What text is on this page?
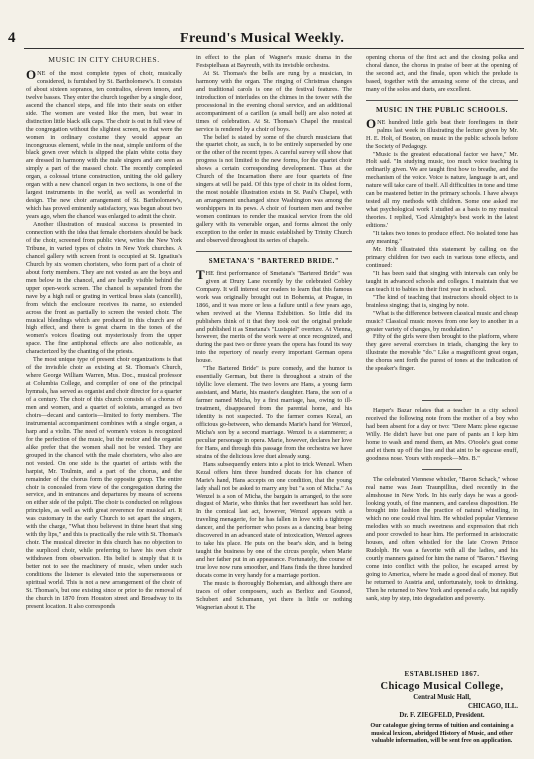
4	Freund's Musical Weekly.
MUSIC IN CITY CHURCHES.

ONE of the most complete types of choir, musically considered, is furnished by St. Bartholomew's. It consists of about sixteen sopranos, ten contraltos, eleven tenors, and twelve basses. They enter the church together by a single door, ascend the chancel steps, and file into their seats on either side. The women are vested like the men, but wear in distinction little black silk caps. The choir is out in full view of the congregation without the slightest screen, so that were the women in ordinary costume they would appear an incongruous element, while in the neat, simple uniform of the black gown over which is slipped the plain white cotta they are dressed in harmony with the male singers and are seen as simply a part of the massed choir. The recently completed organ, a colossal triune construction, uniting the old gallery organ with a new chancel organ in two sections, is one of the largest instruments in the world, as well as wonderful in design. The new choir arrangement of St. Bartholomew's, which has proved eminently satisfactory, was begun about two years ago, when the chancel was enlarged to admit the choir.

Another illustration of musical success is presented in connection with the idea that female choristers should be back of the choir, screened from public view, writes the New York Tribune, in varied types of choirs in New York churches. A chancel gallery with screen front is occupied at St. Ignatius's Church by six women choristers, who form part of a choir of about forty members. They are not vested as are the boys and men below in the chancel, and are hardly visible behind the upper open-work screen. The chancel is separated from the nave by a high rail or grating in vertical brass slats (cancelli), from which the enclosure receives its name, so extended across the front as partially to screen the vested choir. The musical blendings which are produced in this church are of high effect, and there is great charm in the tones of the women's voices floating out mysteriously from the upper space. The fine antiphonal effects are also noticeable, as characterized by the chanting of the priests.

The most unique type of present choir organizations is that of the invisible choir as existing at St. Thomas's Church, where George William Warren, Mus. Doc., musical professor at Columbia College, and compiler of one of the principal hymnals, has served as organist and choir director for a quarter of a century. The choir of this church consists of a chorus of men and women, and a quartet of soloists, arranged as two choirs—decani and cantoris—limited to forty members. The instrumental accompaniment combines with a single organ, a harp and a violin. The need of women's voices is recognized for the perfection of the music, but the rector and the organist alike prefer that the women shall not be vested. They are grouped in the chancel with the male choristers, who also are not vested. On one side is the quartet of artists with the harpist, Mr. Toulmin, and a part of the chorus, and the remainder of the chorus form the opposite group. The entire choir is concealed from view of the congregation during the service, and in entrances and departures by means of screens on either side of the pulpit. The choir is conducted on religious principles, as well as with great reverence for musical art. It was customary in the early Church to set apart the singers, with the charge, "What thou believest in thine heart that sing with thy lips," and this is practically the rule with St. Thomas's choir. The musical director in this church has no objection to the surpliced choir, while preferring to have his own choir withdrawn from observation. His belief is simply that it is better not to see the machinery of music, when under such conditions the listener is elevated into the supersensuous or spiritual world. This is not a new arrangement of the choir of St. Thomas's, but one existing since or prior to the removal of the church in 1870 from Houston street and Broadway to its present location. It also corresponds

in effect to the plan of Wagner's music drama in the Festspielhaus at Bayreuth, with its invisible orchestra.

At St. Thomas's the bells are rung by a musician, in harmony with the organ. The ringing of Christmas changes and traditional carols is one of the festival features. The introduction of interludes on the chimes in the tower with the processional in the evening choral service, and an additional accompaniment of a carillon (a small bell) are also noted at times of celebration. At St. Thomas's Chapel the musical service is rendered by a choir of boys.

The belief is stated by some of the church musicians that the quartet choir, as such, is to be entirely superseded by one or the other of the recent types. A careful survey will show that progress is not limited to the new forms, for the quartet choir shows a certain corresponding development. Thus at the Church of the Incarnation there are four quartets of fine singers at will be paid. Of this type of choir in its oldest form, the most notable illustration exists in St. Paul's Chapel, with an arrangement unchanged since Washington was among the worshippers in its pews. A choir of fourteen men and twelve women continues to render the musical service from the old gallery with its venerable organ, and forms almost the only exception to the order in music established by Trinity Church and observed throughout its series of chapels.

SMETANA'S "BARTERED BRIDE."

THE first performance of Smetana's "Bartered Bride" was given at Drury Lane recently by the celebrated Cobley Company. It will interest our readers to learn that this famous work was originally brought out in Bohemia, at Prague, in 1866, and it was more or less a failure until a few years ago, when revived at the Vienna Exhibition. So little did its publishers think of it that they took out the original prelude and published it as Smetana's "Lustspiel" overture. At Vienna, however, the merits of the work were at once recognized, and during the past two or three years the opera has found its way into the repertory of nearly every important German opera house.

"The Bartered Bride" is pure comedy, and the humor is essentially German, but there is throughout a strain of the idyllic love element. The two lovers are Hans, a young farm assistant, and Marie, his master's daughter. Hans, the son of a farmer named Micha, by a first marriage, has, owing to ill-treatment, disappeared from the parental home, and his identity is not suspected. To the farmer comes Kezal, an officious go-between, who demands Marie's hand for Wenzel, Micha's son by a second marriage. Wenzel is a stammerer; a peculiar personage in opera. Marie, however, declares her love for Hans, and through this passage from the orchestra we have strains of the delicious love duet already sung.

Hans subsequently enters into a plot to trick Wenzel. When Kezal offers him three hundred ducats for his chance of Marie's hand, Hans accepts on one condition, that the young lady shall not be asked to marry any but "a son of Micha." As Wenzel is a son of Micha, the bargain is arranged, to the sore disgust of Marie, who thinks that her sweetheart has sold her. In the comical last act, however, Wenzel appears with a traveling menagerie, for he has fallen in love with a tightrope dancer, and the performer who poses as a dancing bear being discovered in an advanced state of intoxication, Wenzel agrees to take his place. He puts on the bear's skin, and is being taught the business by one of the circus people, when Marie and her father put in an appearance. Fortunately, the course of true love now runs smoother, and Hans finds the three hundred ducats come in very handy for a marriage portion.

The music is thoroughly Bohemian, and although there are traces of other composers, such as Berlioz and Gounod, Schubert and Schumann, yet there is little or nothing Wagnerian about it. The

opening chorus of the first act and the closing polka and choral dance, the chorus in praise of beer at the opening of the second act, and the finale, upon which the prelude is based, together with the amusing scene of the circus, and many of the solos and duets, are excellent.

MUSIC IN THE PUBLIC SCHOOLS.

ONE hundred little girls beat their forefingers in their palms last week in illustrating the lecture given by Mr. H. E. Holt, of Boston, on music in the public schools before the Society of Pedagogy.

"Music is the greatest educational factor we have," Mr. Holt said. "In studying music, too much voice teaching is ordinarily given. We are taught first how to breathe, and the mechanism of the voice. Voice is nature, language is art, and nature will take care of itself. All difficulties in tone and time can be mastered better in the primary schools. I have always tested all my methods with children. Some one asked me what psychological work I studied as a basis to my musical theories. I replied, 'God Almighty's best work in the latest editions.'

"It takes two tones to produce effect. No isolated tone has any meaning."

Mr. Holt illustrated this statement by calling on the primary children for two each in various tone effects, and continued:

"It has been said that singing with intervals can only be taught in advanced schools and colleges. I maintain that we can teach it to babies in their first year in school.

"The kind of teaching that instructors should object to is brainless singing; that is, singing by note.

"What is the difference between classical music and cheap music? Classical music moves from one key to another in a greater variety of changes, by modulation."

Fifty of the girls were then brought to the platform, where they gave several exercises in triads, changing the key to illustrate the movable "do." Like a magnificent great organ, the chorus sent forth the purest of tones at the indication of the speaker's finger.

Harper's Bazar relates that a teacher in a city school received the following note from the mother of a boy who had been absent for a day or two: "Dere Mam: plese egscuse Willy. He didn't have but one pare of pants an I kep him home to wash and mend them, an Mrs. O'toole's goat come and et them up off the line and that aint to be egscuse enuff, goodness nose. Yours with respeck—Mrs. B."

The celebrated Viennese whistler, "Baron Schack," whose real name was Jean Traunpillius, died recently in the almshouse in New York. In his early days he was a good-looking youth, of fine manners, and careless disposition. He brought into fashion the practice of natural whistling, in which no one could rival him. He whistled popular Viennese melodies with so much sweetness and expression that rich and poor crowded to hear him. He performed in aristocratic houses, and often whistled for the late Crown Prince Rudolph. He was a favorite with all the ladies, and his courtly manners gained for him the name of "Baron." Having come into conflict with the police, he escaped arrest by going to America, where he made a good deal of money. But he returned to Austria and, unfortunately, took to drinking. Then he returned to New York and opened a cafe, but rapidly sank, step by step, into degradation and poverty.

ESTABLISHED 1867.
Chicago Musical College,
Central Music Hall,
CHICAGO, ILL.
Dr. F. ZIEGFELD, President.
Our catalogue giving terms of tuition and containing a musical lexicon, abridged History of Music, and other valuable information, will be sent free on application.
